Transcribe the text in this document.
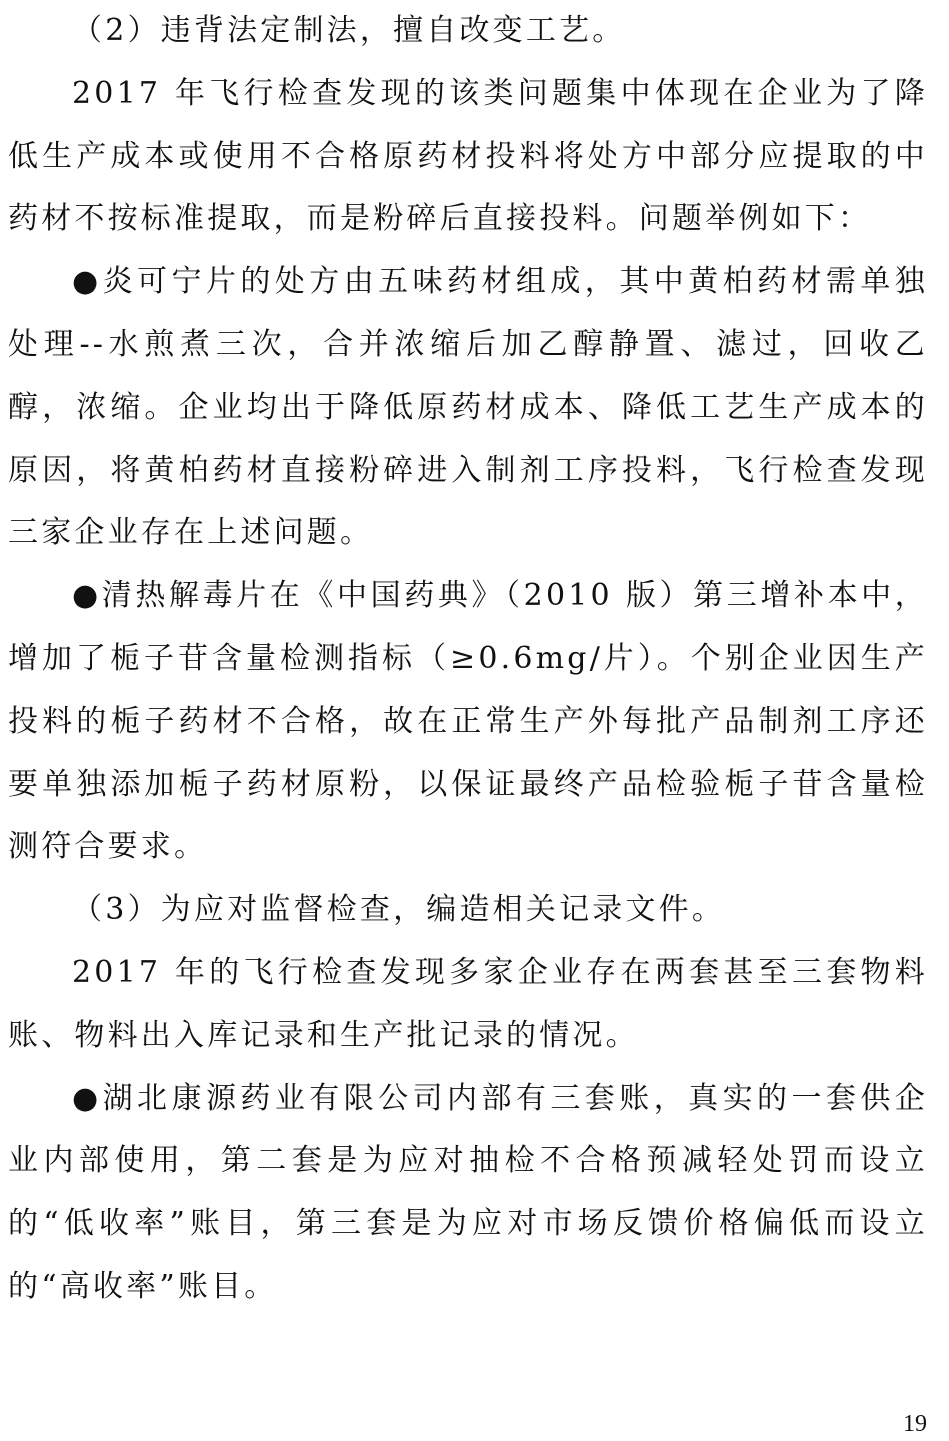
（2）违背法定制法，擅自改变工艺。

2017 年飞行检查发现的该类问题集中体现在企业为了降低生产成本或使用不合格原药材投料将处方中部分应提取的中药材不按标准提取，而是粉碎后直接投料。问题举例如下：

●炎可宁片的处方由五味药材组成，其中黄柏药材需单独处理--水煎煮三次，合并浓缩后加乙醇静置、滤过，回收乙醇，浓缩。企业均出于降低原药材成本、降低工艺生产成本的原因，将黄柏药材直接粉碎进入制剂工序投料，飞行检查发现三家企业存在上述问题。

●清热解毒片在《中国药典》（2010 版）第三增补本中，增加了栀子苷含量检测指标（≥0.6mg/片）。个别企业因生产投料的栀子药材不合格，故在正常生产外每批产品制剂工序还要单独添加栀子药材原粉，以保证最终产品检验栀子苷含量检测符合要求。

（3）为应对监督检查，编造相关记录文件。

2017 年的飞行检查发现多家企业存在两套甚至三套物料账、物料出入库记录和生产批记录的情况。

●湖北康源药业有限公司内部有三套账，真实的一套供企业内部使用，第二套是为应对抽检不合格预减轻处罚而设立的“低收率”账目，第三套是为应对市场反馈价格偏低而设立的“高收率”账目。

19
